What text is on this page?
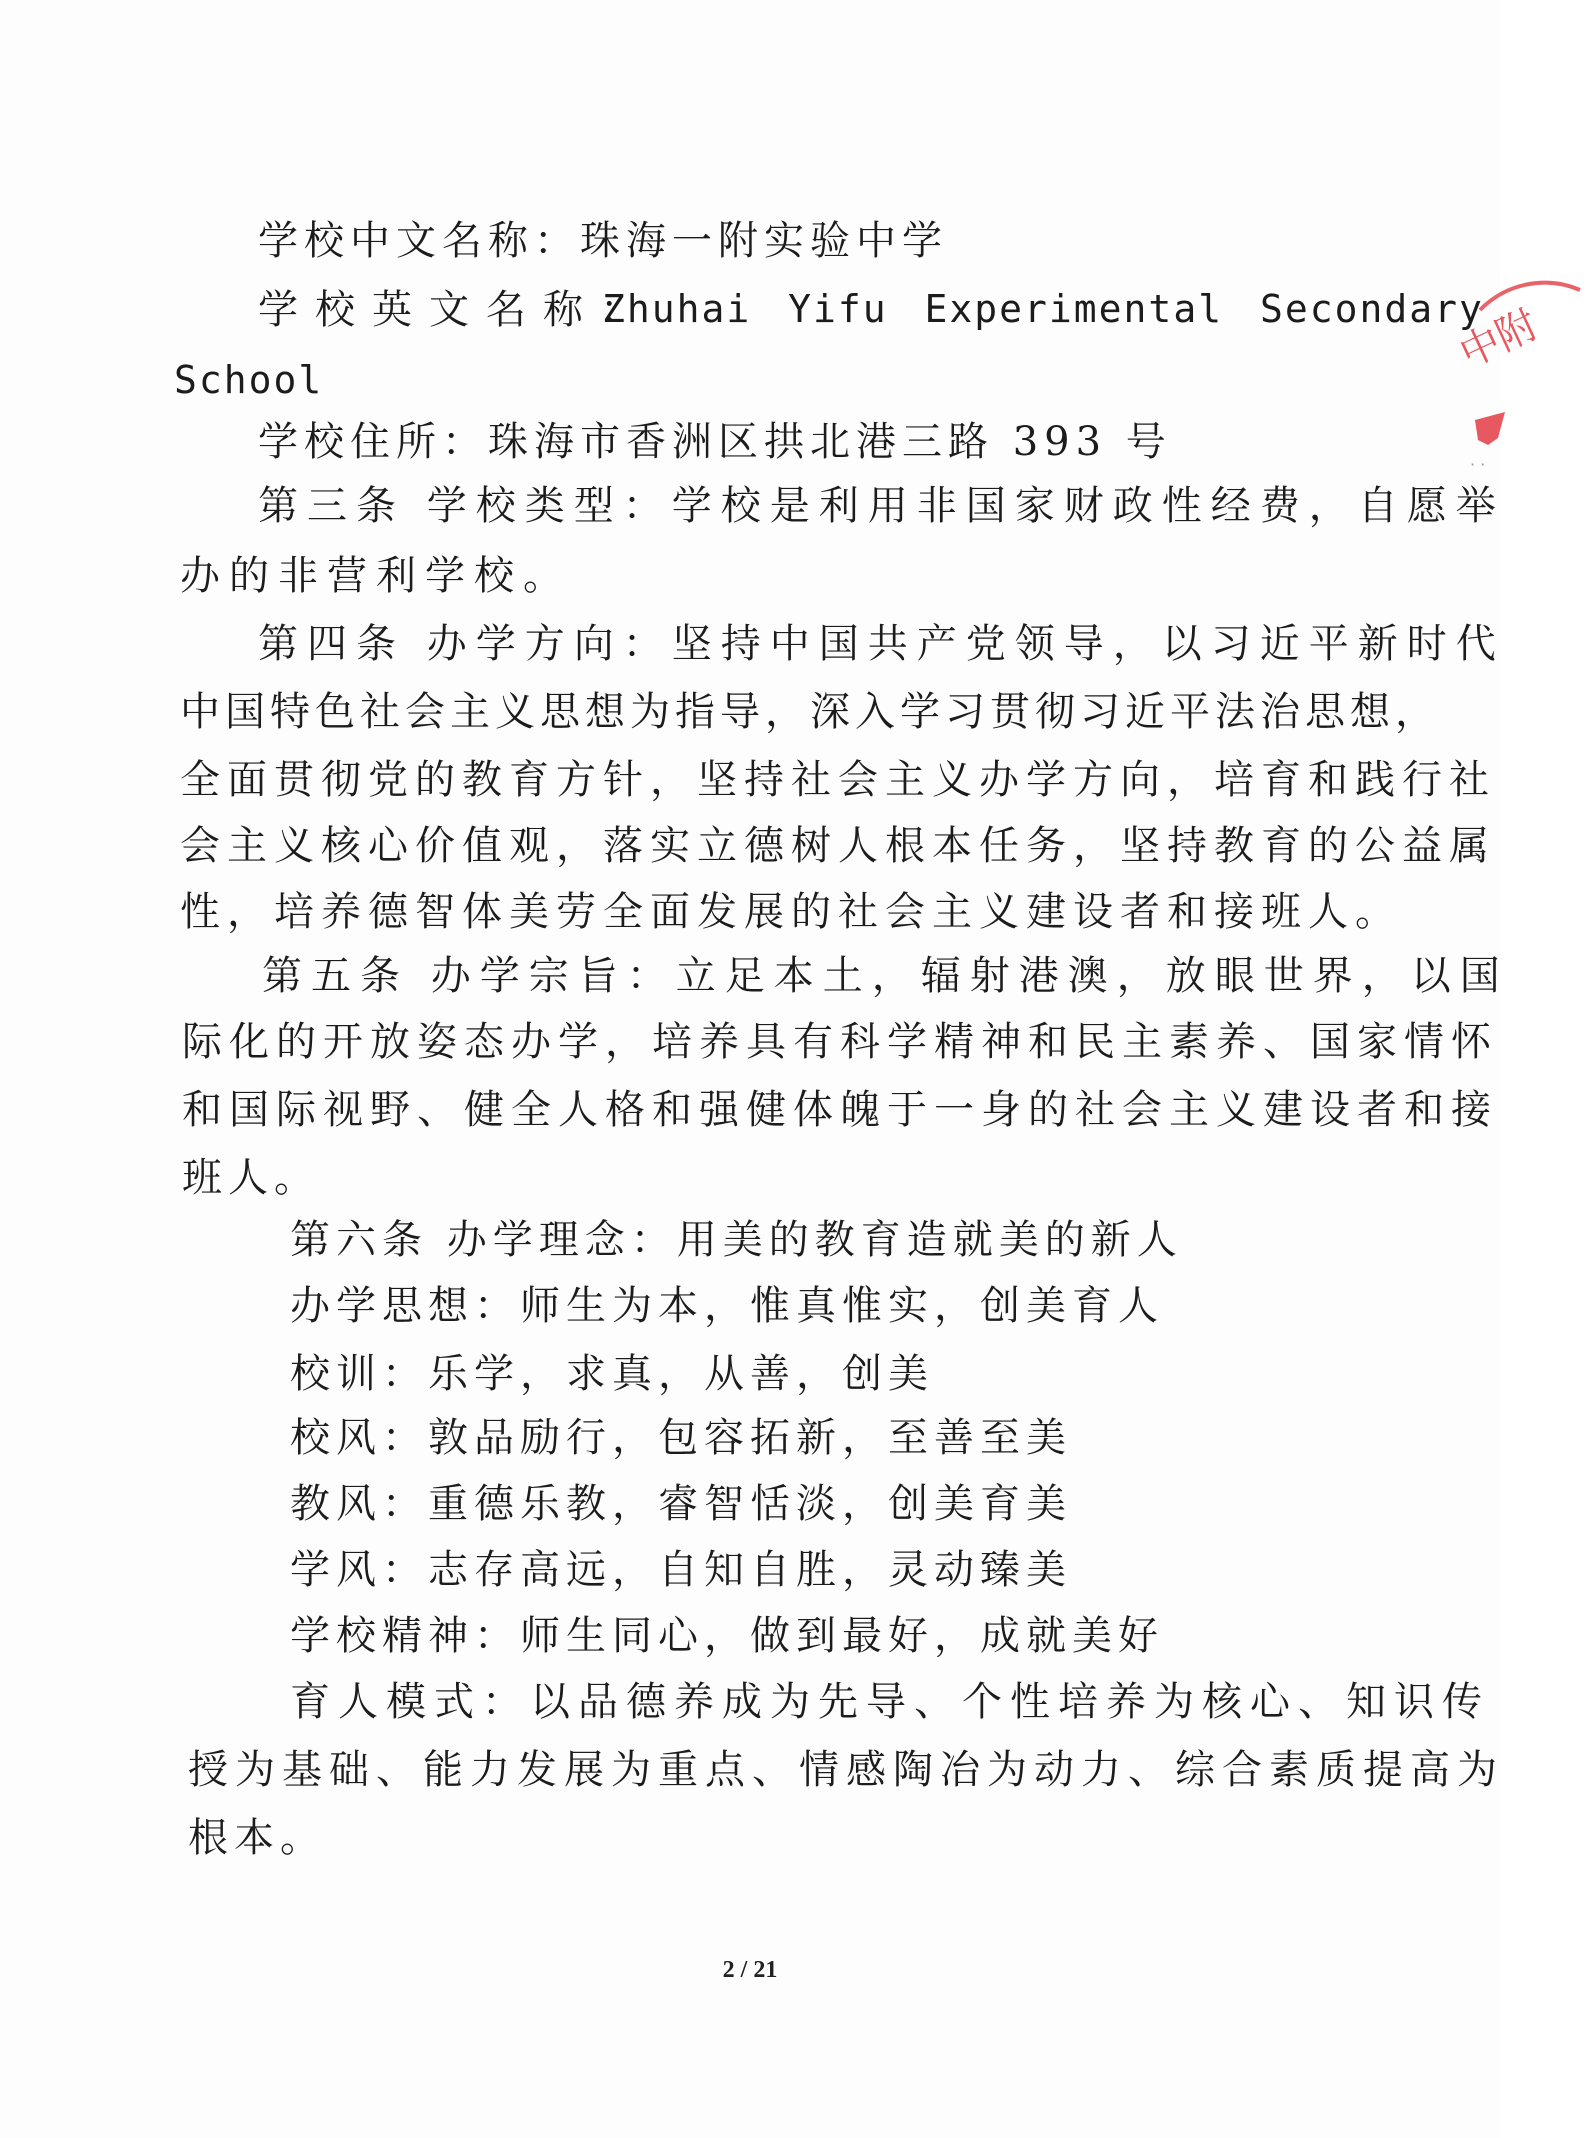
学校中文名称：珠海一附实验中学
学校英文名称：
Zhuhai Yifu Experimental Secondary
School
学校住所：珠海市香洲区拱北港三路 393 号
第三条 学校类型：学校是利用非国家财政性经费，自愿举
办的非营利学校。
第四条 办学方向：坚持中国共产党领导，以习近平新时代
中国特色社会主义思想为指导，深入学习贯彻习近平法治思想，
全面贯彻党的教育方针，坚持社会主义办学方向，培育和践行社
会主义核心价值观，落实立德树人根本任务，坚持教育的公益属
性，培养德智体美劳全面发展的社会主义建设者和接班人。
第五条 办学宗旨：立足本土，辐射港澳，放眼世界，以国
际化的开放姿态办学，培养具有科学精神和民主素养、国家情怀
和国际视野、健全人格和强健体魄于一身的社会主义建设者和接
班人。
第六条 办学理念：用美的教育造就美的新人
办学思想：师生为本，惟真惟实，创美育人
校训：乐学，求真，从善，创美
校风：敦品励行，包容拓新，至善至美
教风：重德乐教，睿智恬淡，创美育美
学风：志存高远，自知自胜，灵动臻美
学校精神：师生同心，做到最好，成就美好
育人模式：以品德养成为先导、个性培养为核心、知识传
授为基础、能力发展为重点、情感陶冶为动力、综合素质提高为
根本。
2 / 21
中附
· ·
